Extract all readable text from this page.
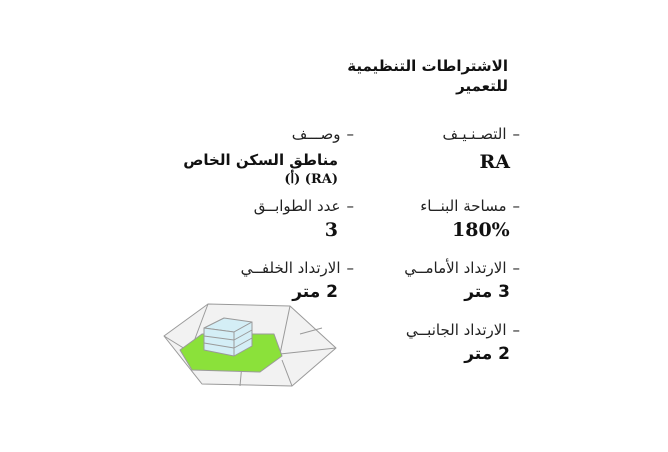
الاشتراطات التنظيمية
للتعمير
–التصـنـيـف
RA
–مساحة البنــاء
180%
–الارتداد الأمامــي
3 متر
–الارتداد الجانبــي
2 متر
–وصـــف
مناطق السكن الخاص
(RA) (أ)
–عدد الطوابــق
3
–الارتداد الخلفــي
2 متر
